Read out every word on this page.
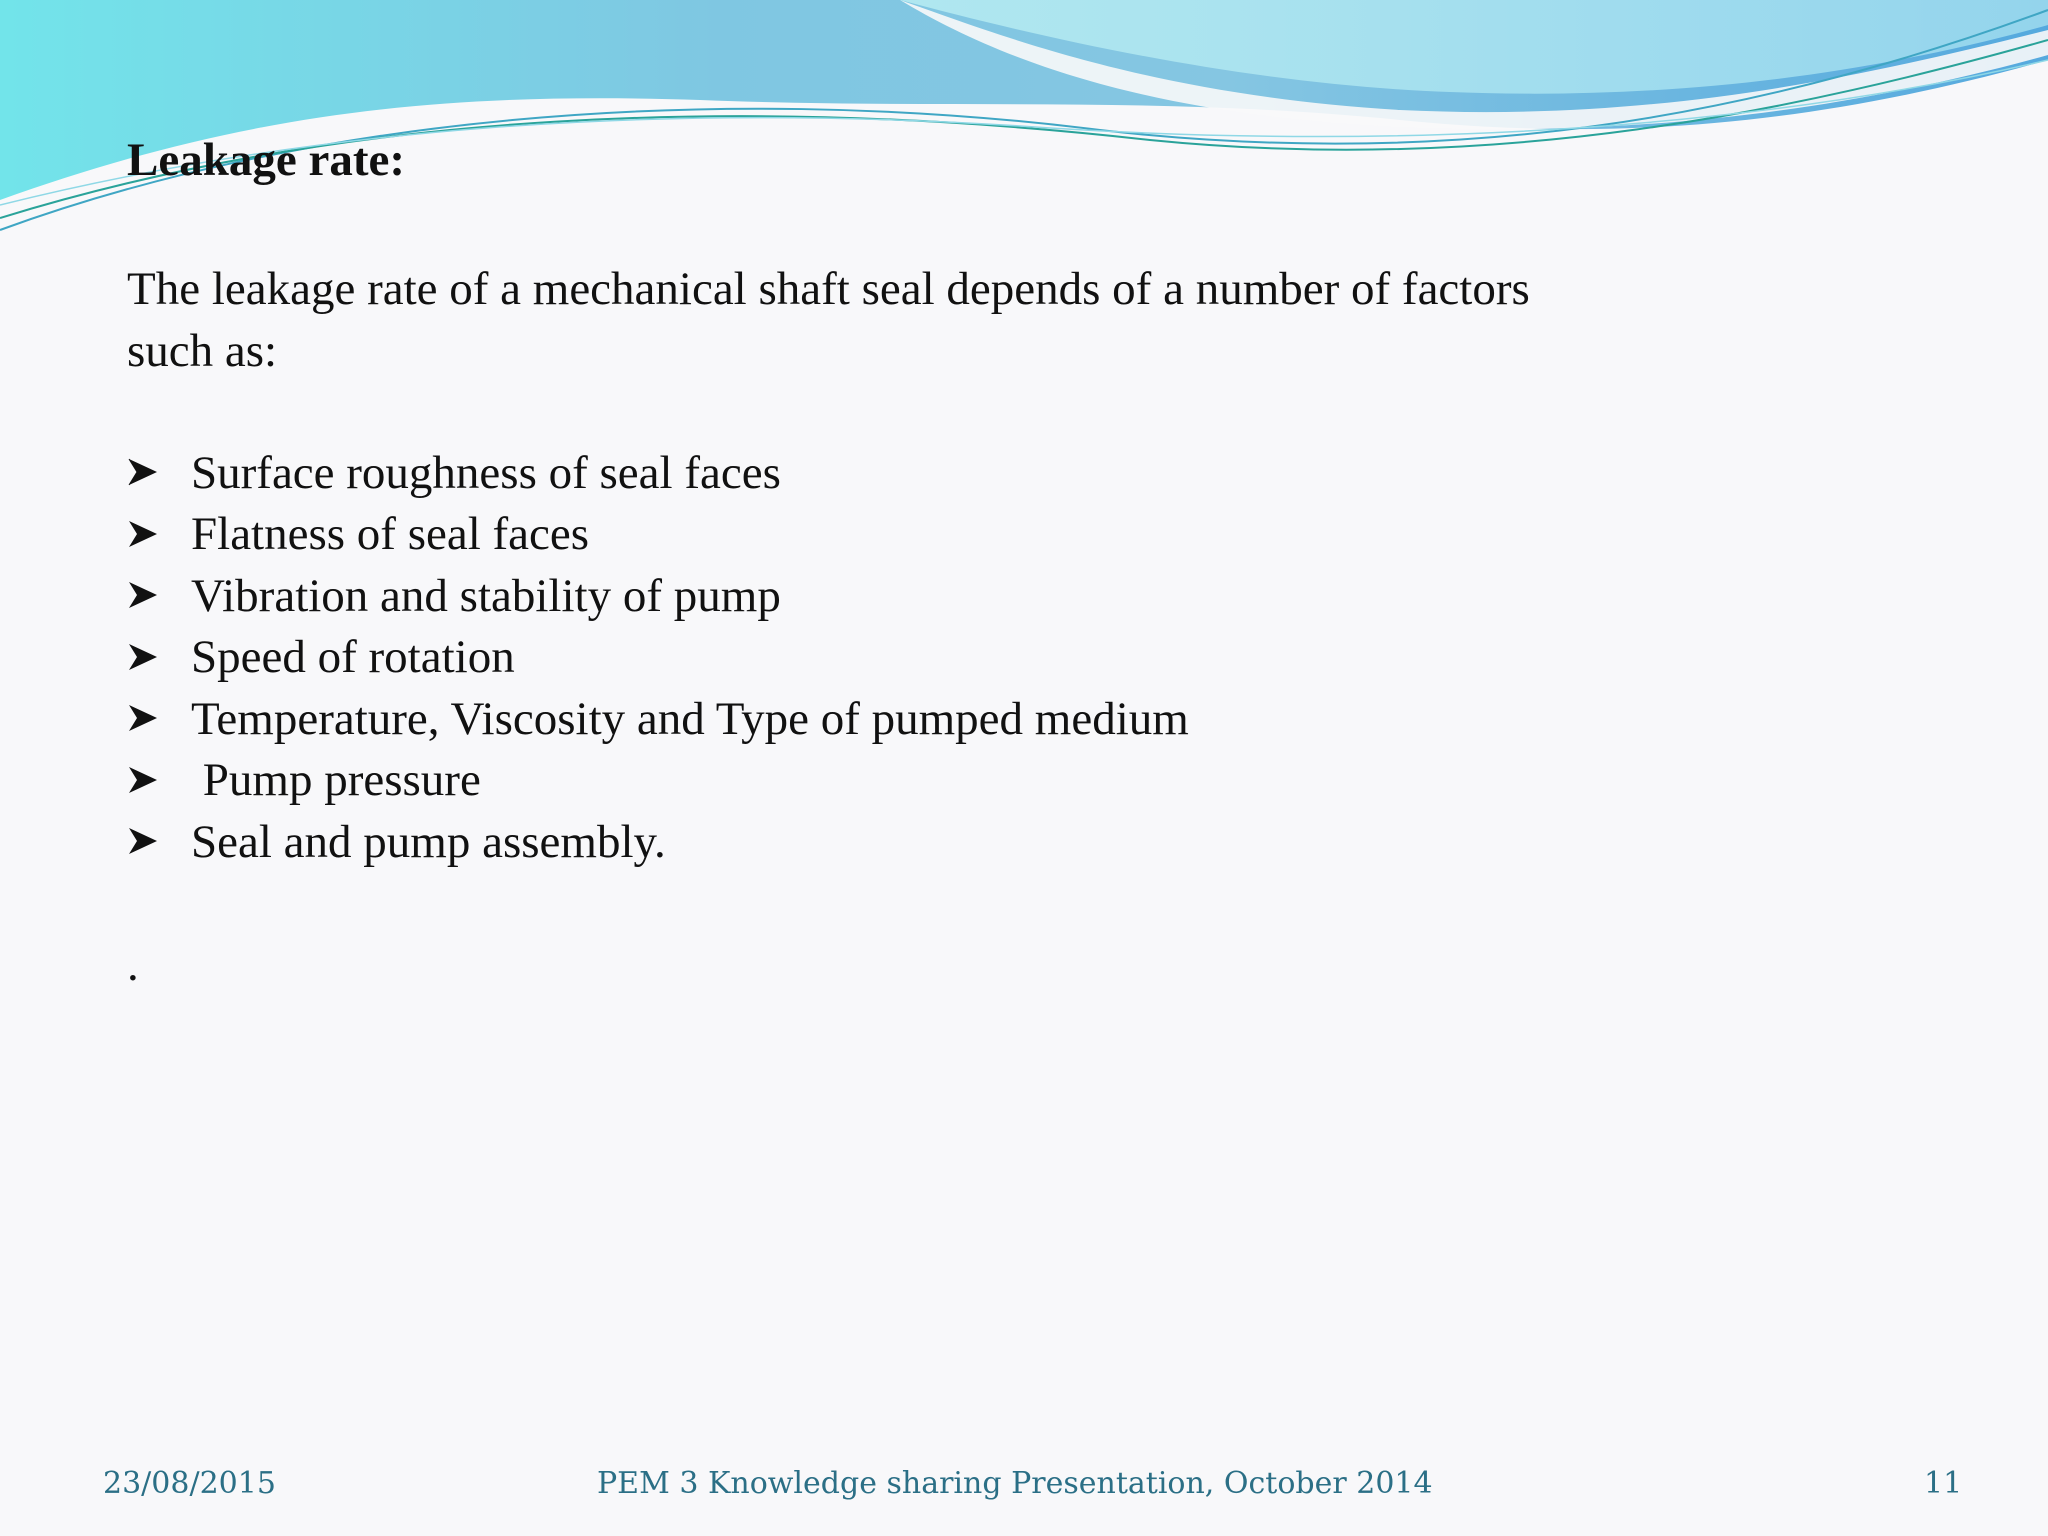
Leakage rate:

The leakage rate of a mechanical shaft seal depends of a number of factors such as:

Surface roughness of seal faces
Flatness of seal faces
Vibration and stability of pump
Speed of rotation
Temperature, Viscosity and Type of pumped medium
Pump pressure
Seal and pump assembly.

.

23/08/2015	PEM 3 Knowledge sharing Presentation, October 2014	11
